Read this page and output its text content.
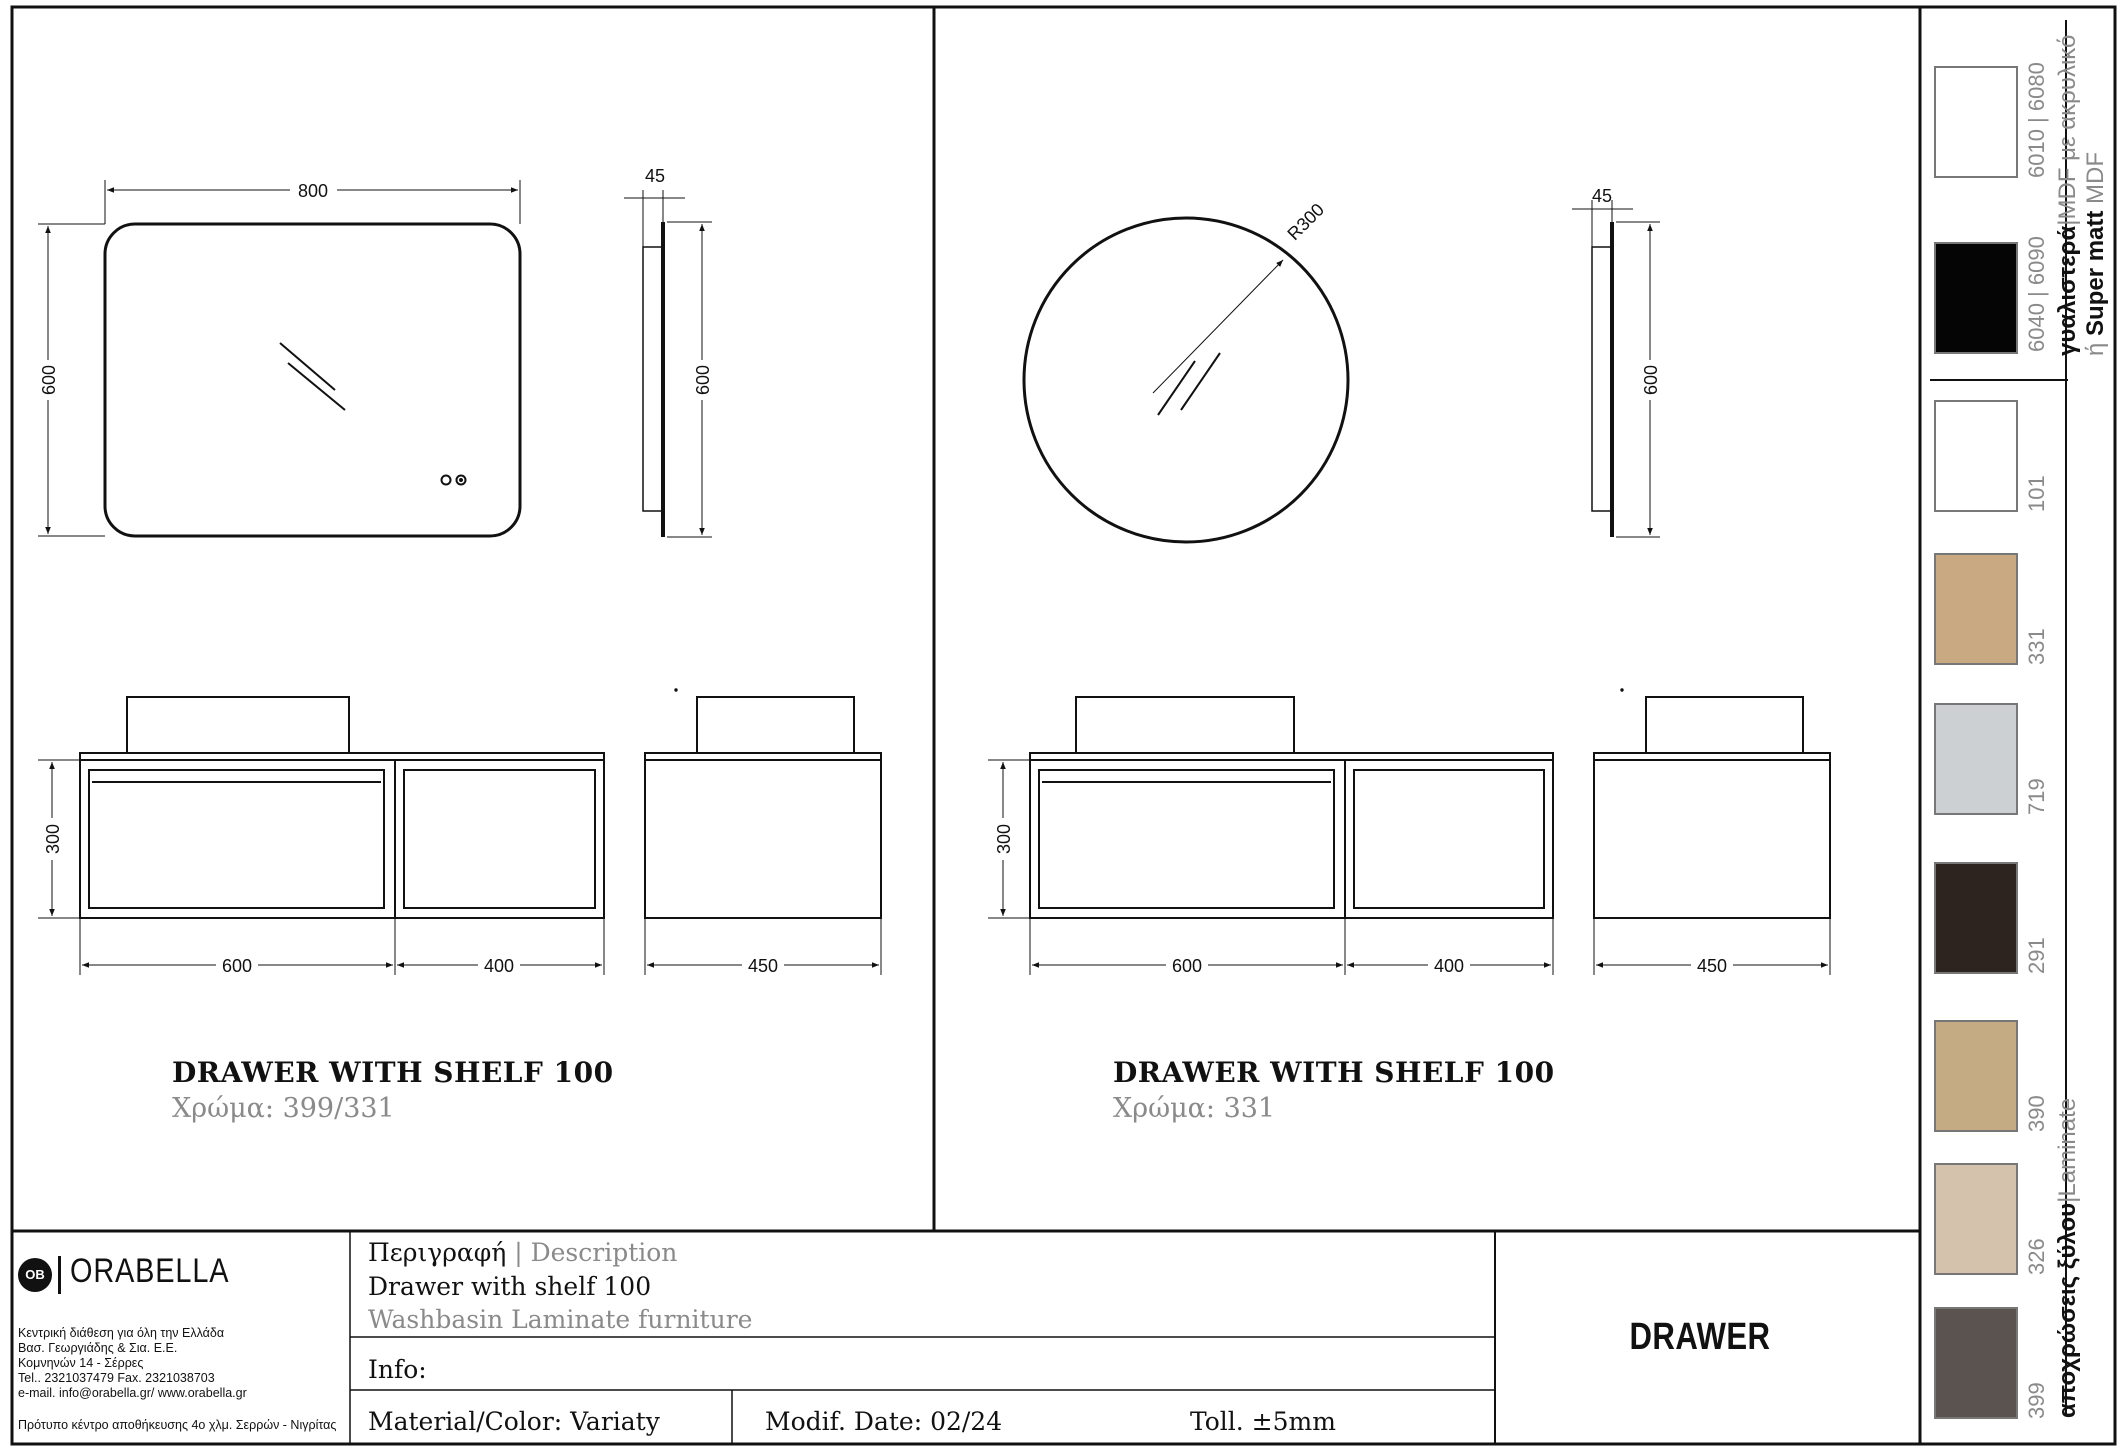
800
600
45
600
300
600	400	450
R300
45
600
300
600	400	450
DRAWER WITH SHELF 100
Χρώμα: 399/331
DRAWER WITH SHELF 100
Χρώμα: 331
OB ORABELLA
Κεντρική διάθεση για όλη την Ελλάδα
Βασ. Γεωργιάδης & Σια. Ε.Ε.
Κομνηνών 14 - Σέρρες
Tel.. 2321037479 Fax. 2321038703
e-mail. info@orabella.gr/ www.orabella.gr
Πρότυπο κέντρο αποθήκευσης 4ο χλμ. Σερρών - Νιγρίτας
Περιγραφή | Description
Drawer with shelf 100
Washbasin Laminate furniture
Info:
Material/Color: Variaty	Modif. Date: 02/24	Toll. ±5mm
DRAWER
6010 | 6080
6040 | 6090 γυαλιστερά|MDF με ακρυλικό
ή Super matt MDF
αποχρώσεις ξύλου|Laminate
101
331
719
291
390
326
399
